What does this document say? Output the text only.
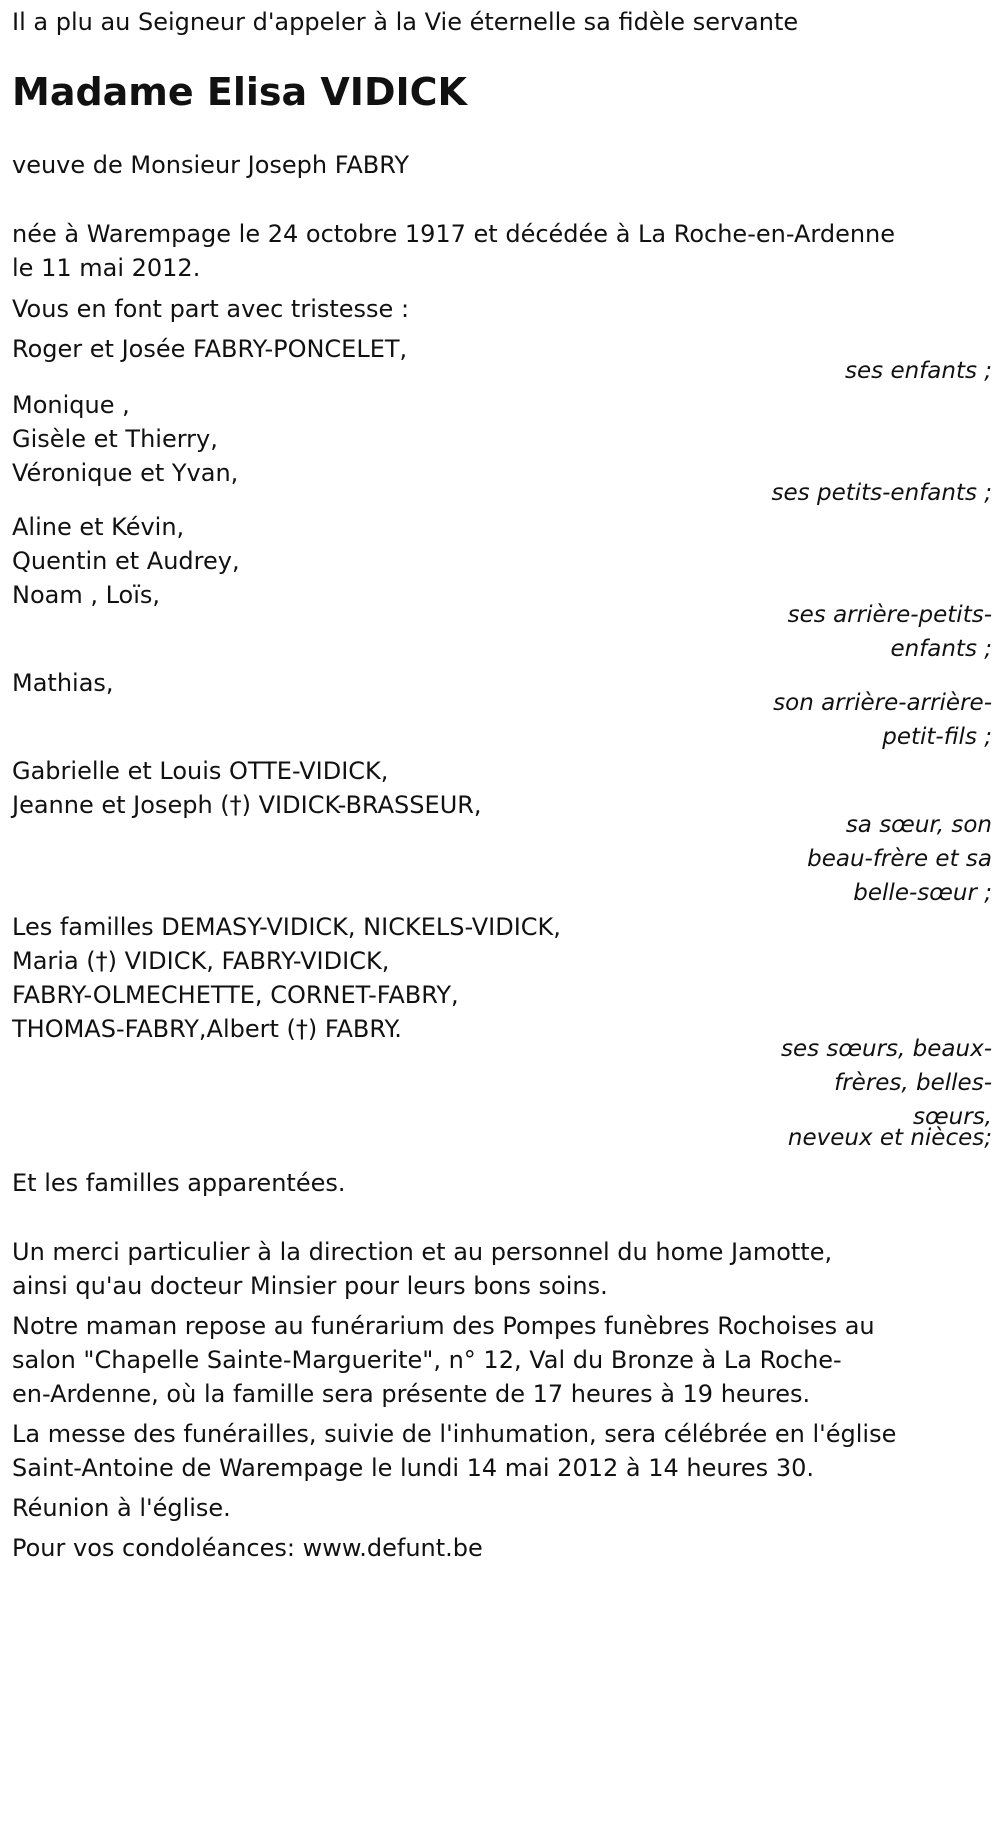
Il a plu au Seigneur d'appeler à la Vie éternelle sa fidèle servante
Madame Elisa VIDICK
veuve de Monsieur Joseph FABRY
née à Warempage le 24 octobre 1917 et décédée à La Roche-en-Ardenne
le 11 mai 2012.
Vous en font part avec tristesse :
Roger et Josée FABRY-PONCELET,
ses enfants ;
Monique ,
Gisèle et Thierry,
Véronique et Yvan,
ses petits-enfants ;
Aline et Kévin,
Quentin et Audrey,
Noam , Loïs,
ses arrière-petits-
enfants ;
Mathias,
son arrière-arrière-
petit-fils ;
Gabrielle et Louis OTTE-VIDICK,
Jeanne et Joseph (†) VIDICK-BRASSEUR,
sa sœur, son
beau-frère et sa
belle-sœur ;
Les familles DEMASY-VIDICK, NICKELS-VIDICK,
Maria (†) VIDICK, FABRY-VIDICK,
FABRY-OLMECHETTE, CORNET-FABRY,
THOMAS-FABRY,Albert (†) FABRY.
ses sœurs, beaux-
frères, belles-
sœurs,
neveux et nièces;
Et les familles apparentées.
Un merci particulier à la direction et au personnel du home Jamotte,
ainsi qu'au docteur Minsier pour leurs bons soins.
Notre maman repose au funérarium des Pompes funèbres Rochoises au
salon "Chapelle Sainte-Marguerite", n° 12, Val du Bronze à La Roche-
en-Ardenne, où la famille sera présente de 17 heures à 19 heures.
La messe des funérailles, suivie de l'inhumation, sera célébrée en l'église
Saint-Antoine de Warempage le lundi 14 mai 2012 à 14 heures 30.
Réunion à l'église.
Pour vos condoléances: www.defunt.be
